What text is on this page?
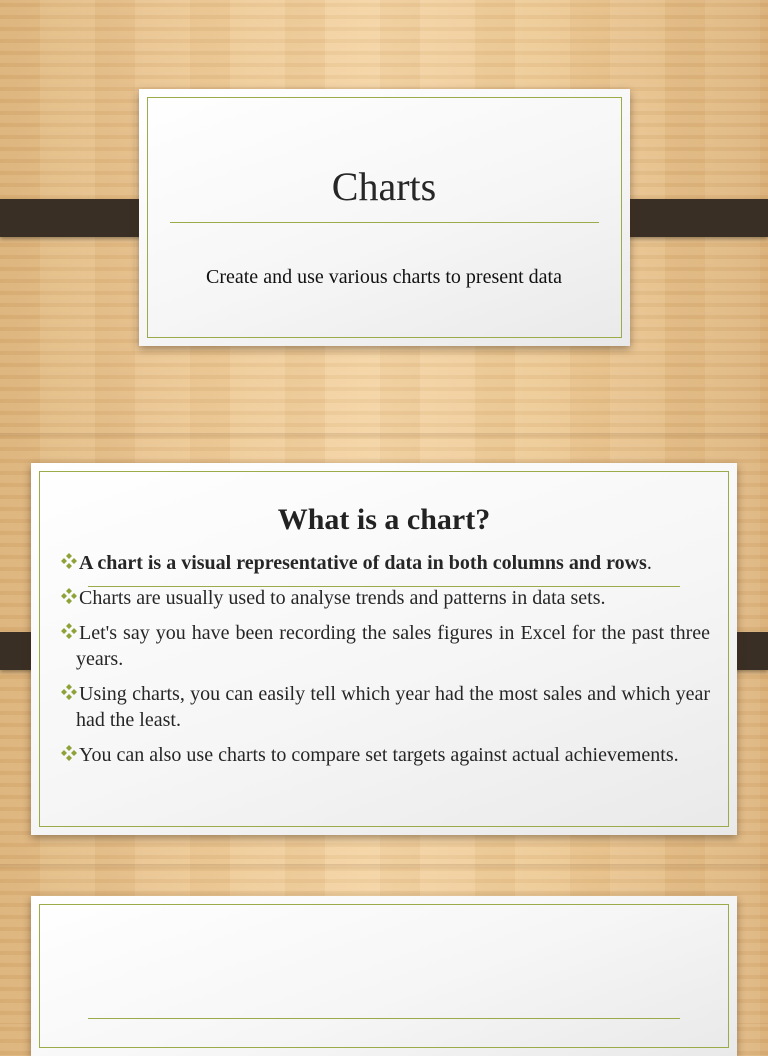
Charts
Create and use various charts to present data
What is a chart?
A chart is a visual representative of data in both columns and rows.
Charts are usually used to analyse trends and patterns in data sets.
Let's say you have been recording the sales figures in Excel for the past three years.
Using charts, you can easily tell which year had the most sales and which year had the least.
You can also use charts to compare set targets against actual achievements.
